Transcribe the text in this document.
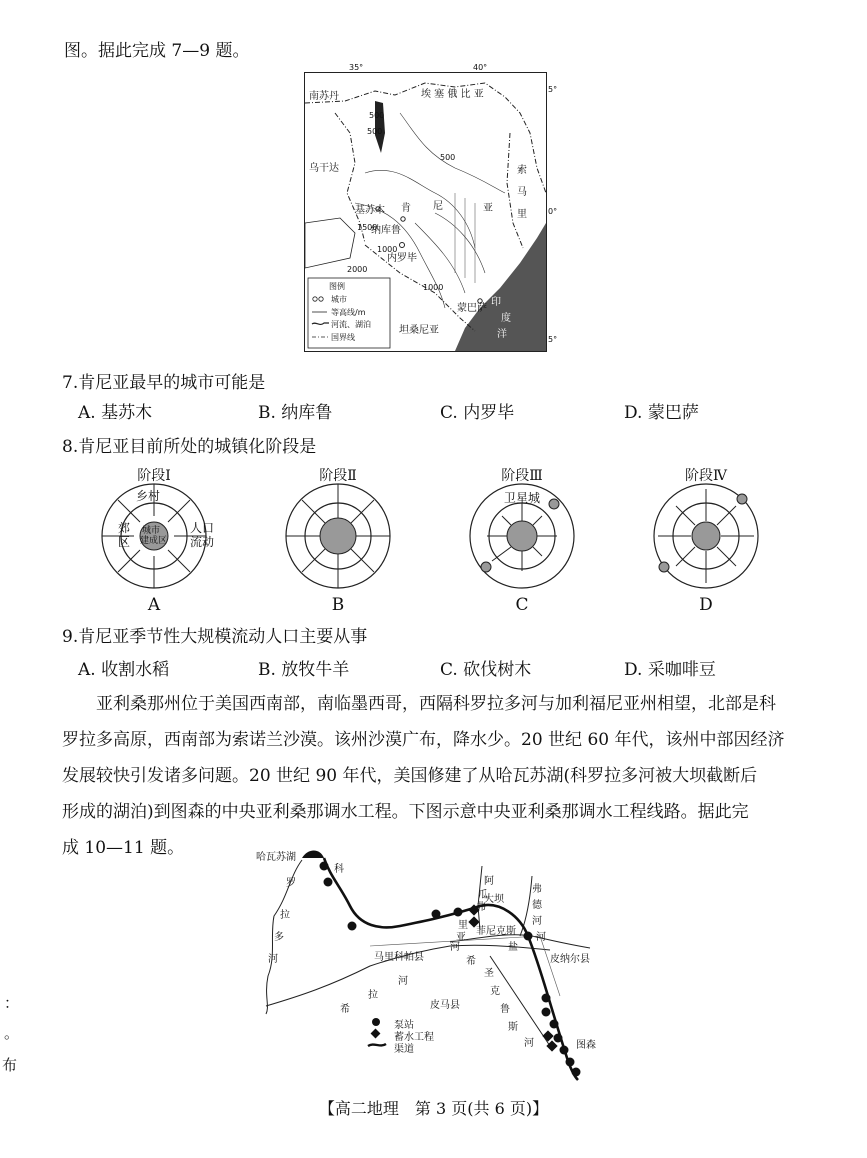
图。据此完成 7—9 题。
35°	40°
5°
0°
5°
南苏丹	埃 塞 俄 比 亚
乌干达	索
马
里
坦桑尼亚
肯 尼	亚
基苏木
纳库鲁
内罗毕
蒙巴萨
500
500
1500
1000
500
1000
2000
印
度
洋
图例
城市
等高线/m
河流、湖泊
国界线
7.肯尼亚最早的城市可能是
A. 基苏木	B. 纳库鲁	C. 内罗毕	D. 蒙巴萨
8.肯尼亚目前所处的城镇化阶段是
阶段Ⅰ
乡村
郊
区
城市
建成区
人口
流动
A
阶段Ⅱ
B
阶段Ⅲ
卫星城
C
阶段Ⅳ
D
9.肯尼亚季节性大规模流动人口主要从事
A. 收割水稻	B. 放牧牛羊	C. 砍伐树木	D. 采咖啡豆

亚利桑那州位于美国西南部，南临墨西哥，西隔科罗拉多河与加利福尼亚州相望，北部是科

罗拉多高原，西南部为索诺兰沙漠。该州沙漠广布，降水少。20 世纪 60 年代，该州中部因经济

发展较快引发诸多问题。20 世纪 90 年代，美国修建了从哈瓦苏湖(科罗拉多河被大坝截断后

形成的湖泊)到图森的中央亚利桑那调水工程。下图示意中央亚利桑那调水工程线路。据此完

成 10—11 题。	哈瓦苏湖
科
罗
拉
多
河
阿
瓜
弗
里
亚
河
大坝
弗
德
河
菲尼克斯
盐
河
马里科帕县	皮纳尔县
希
拉
河
希
皮马县
圣
克
鲁
斯
河	图森
泵站
蓄水工程
渠道
：
。
布
【高二地理　第 3 页(共 6 页)】
